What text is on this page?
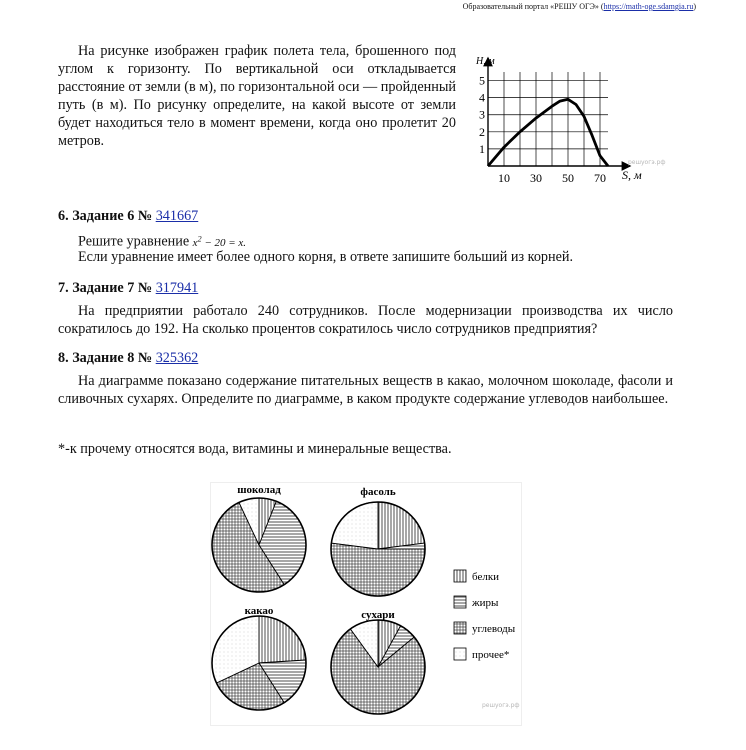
Образовательный портал «РЕШУ ОГЭ» (https://math-oge.sdamgia.ru)
На рисунке изображен график полета тела, брошенного под углом к горизонту. По вертикальной оси откладывается расстояние от земли (в м), по горизонтальной оси — пройденный путь (в м). По рисунку определите, на какой высоте от земли будет находиться тело в момент времени, когда оно пролетит 20 метров.
10 30 50 70
1
2
3
4
5
H, м
S, м
решуогэ.рф
6. Задание 6 № 341667
Решите уравнение $x^2 - 20 = x$.
Если уравнение имеет более одного корня, в ответе запишите больший из корней.
7. Задание 7 № 317941
На предприятии работало 240 сотрудников. После модернизации производства их число сократилось до 192. На сколько процентов сократилось число сотрудников предприятия?
8. Задание 8 № 325362
На диаграмме показано содержание питательных веществ в какао, молочном шоколаде, фасоли и сливочных сухарях. Определите по диаграмме, в каком продукте содержание углеводов наибольшее.
*-к прочему относятся вода, витамины и минеральные вещества.
шоколад	фасоль
какао	сухари
белки
жиры
углеводы
прочее*
решуогэ.рф
